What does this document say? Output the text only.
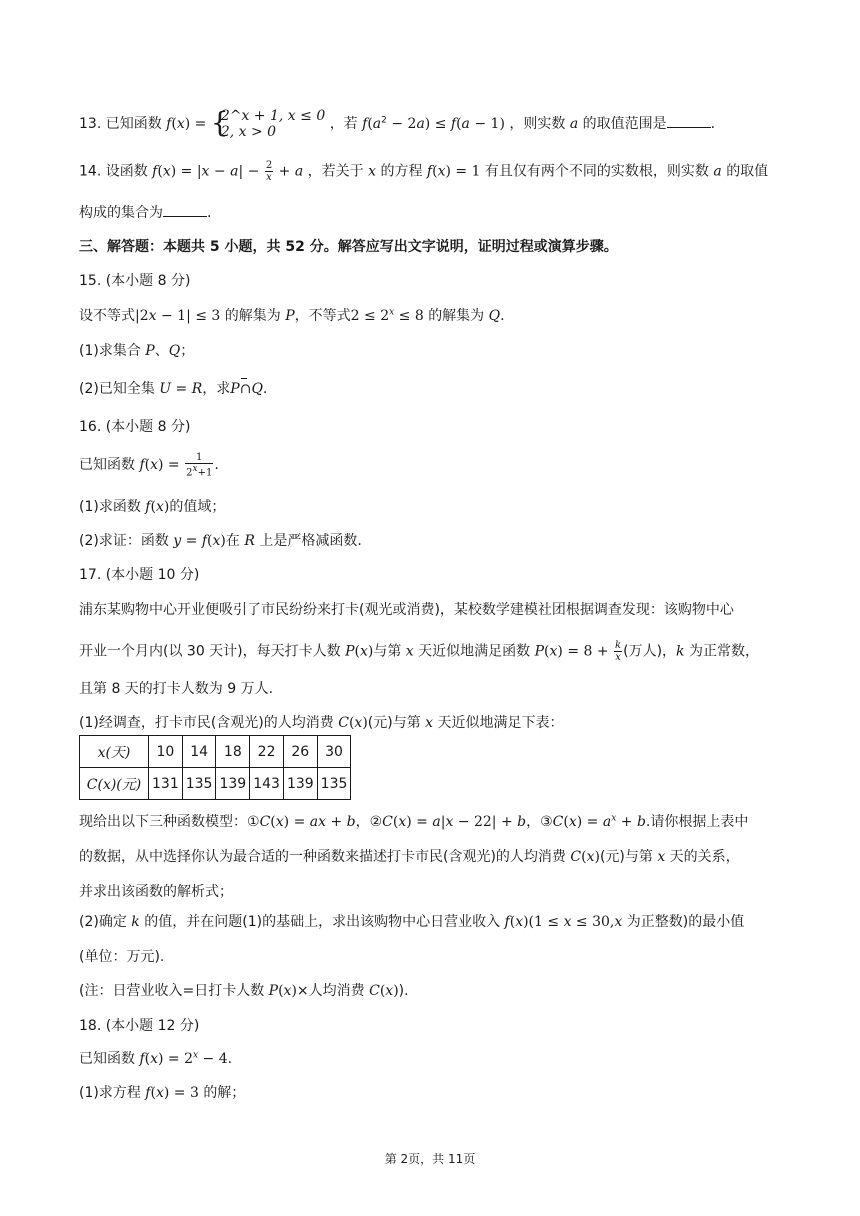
13. 已知函数 f(x) = {
2^x + 1, x ≤ 0
2, x > 0	，若 $f(a^2 - 2a) \le f(a - 1)$ ，则实数 a 的取值范围是	.
14. 设函数 $f(x) = |x - a| - \frac{2}{x} + a$ ，若关于 x 的方程 f(x) = 1 有且仅有两个不同的实数根，则实数 a 的取值
构成的集合为	.
三、解答题：本题共 5 小题，共 52 分。解答应写出文字说明，证明过程或演算步骤。
15. (本小题 8 分)
设不等式|2x − 1| ≤ 3 的解集为 P，不等式$2 \le 2^x \le 8$ 的解集为 Q.
(1)求集合 P、Q；
(2)已知全集 U = R，求P∩Q.
16. (本小题 8 分)
已知函数 $f(x) = \frac{1}{2^x+1}$ .
(1)求函数 f(x)的值域；
(2)求证：函数 y = f(x)在 R 上是严格减函数.
17. (本小题 10 分)
浦东某购物中心开业便吸引了市民纷纷来打卡(观光或消费)，某校数学建模社团根据调查发现：该购物中心
开业一个月内(以 30 天计)，每天打卡人数 P(x)与第 x 天近似地满足函数 $P(x) = 8 + \frac{k}{x}$ (万人)，k 为正常数，
且第 8 天的打卡人数为 9 万人.
(1)经调查，打卡市民(含观光)的人均消费 C(x)(元)与第 x 天近似地满足下表：
x(天)	10	14	18	22	26	30
C(x)(元)	131	135	139	143	139	135
现给出以下三种函数模型：①C(x) = ax + b，②C(x) = a|x − 22| + b，③C(x) = $a^x + b$.请你根据上表中
的数据，从中选择你认为最合适的一种函数来描述打卡市民(含观光)的人均消费 C(x)(元)与第 x 天的关系，
并求出该函数的解析式；
(2)确定 k 的值，并在问题(1)的基础上，求出该购物中心日营业收入 f(x)(1 ≤ x ≤ 30,x 为正整数)的最小值
(单位：万元).
(注：日营业收入=日打卡人数 P(x)×人均消费 C(x)).
18. (本小题 12 分)
已知函数 $f(x) = 2^x - 4$.
(1)求方程 f(x) = 3 的解；
第 2页，共 11页
